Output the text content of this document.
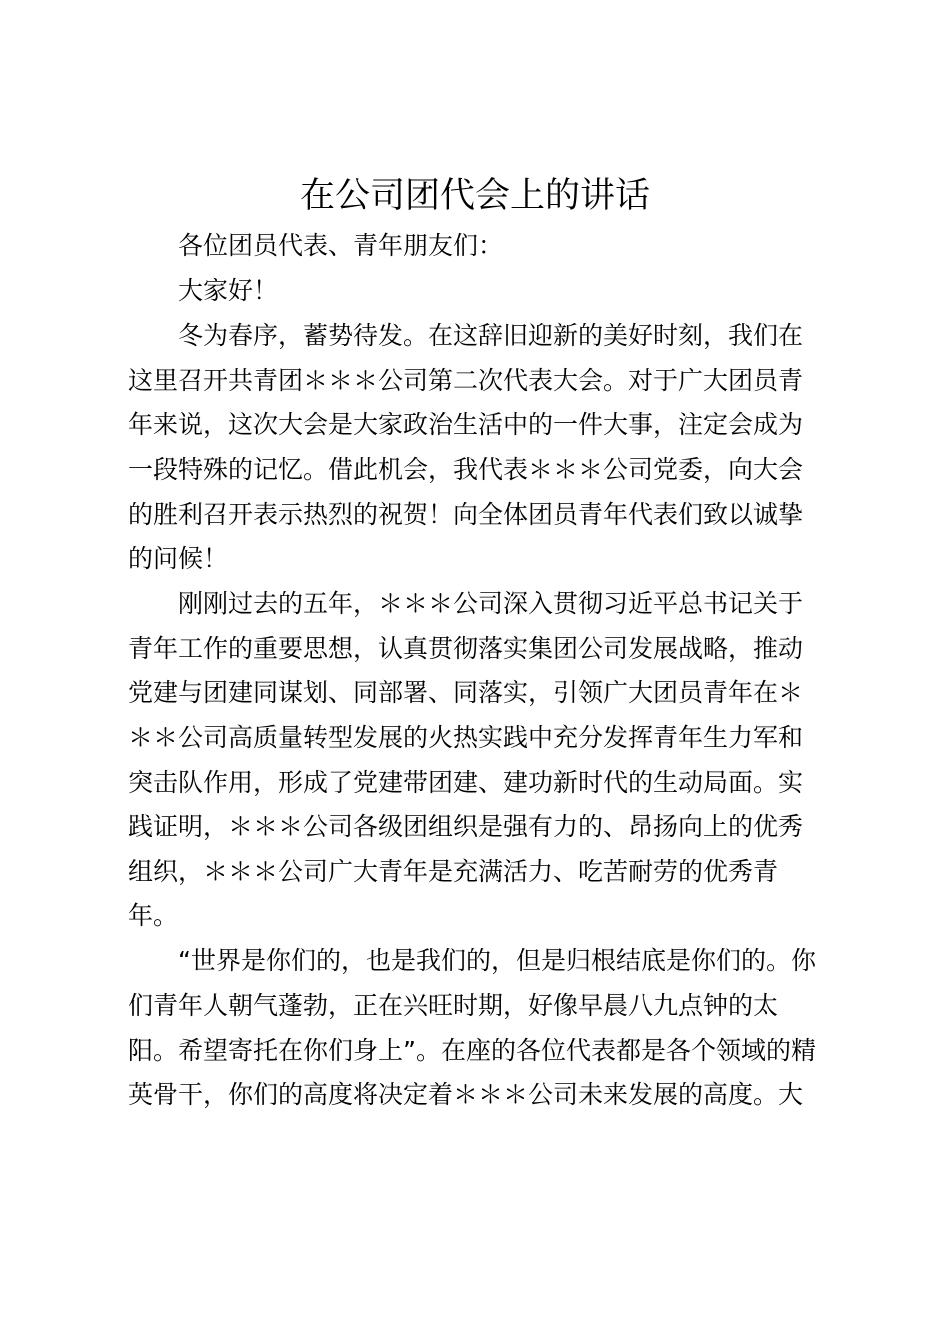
在公司团代会上的讲话
各位团员代表、青年朋友们：
大家好！
冬为春序，蓄势待发。在这辞旧迎新的美好时刻，我们在
这里召开共青团＊＊＊公司第二次代表大会。对于广大团员青
年来说，这次大会是大家政治生活中的一件大事，注定会成为
一段特殊的记忆。借此机会，我代表＊＊＊公司党委，向大会
的胜利召开表示热烈的祝贺！向全体团员青年代表们致以诚挚
的问候！
刚刚过去的五年，＊＊＊公司深入贯彻习近平总书记关于
青年工作的重要思想，认真贯彻落实集团公司发展战略，推动
党建与团建同谋划、同部署、同落实，引领广大团员青年在＊
＊＊公司高质量转型发展的火热实践中充分发挥青年生力军和
突击队作用，形成了党建带团建、建功新时代的生动局面。实
践证明，＊＊＊公司各级团组织是强有力的、昂扬向上的优秀
组织，＊＊＊公司广大青年是充满活力、吃苦耐劳的优秀青
年。
“世界是你们的，也是我们的，但是归根结底是你们的。你
们青年人朝气蓬勃，正在兴旺时期，好像早晨八九点钟的太
阳。希望寄托在你们身上”。在座的各位代表都是各个领域的精
英骨干，你们的高度将决定着＊＊＊公司未来发展的高度。大
